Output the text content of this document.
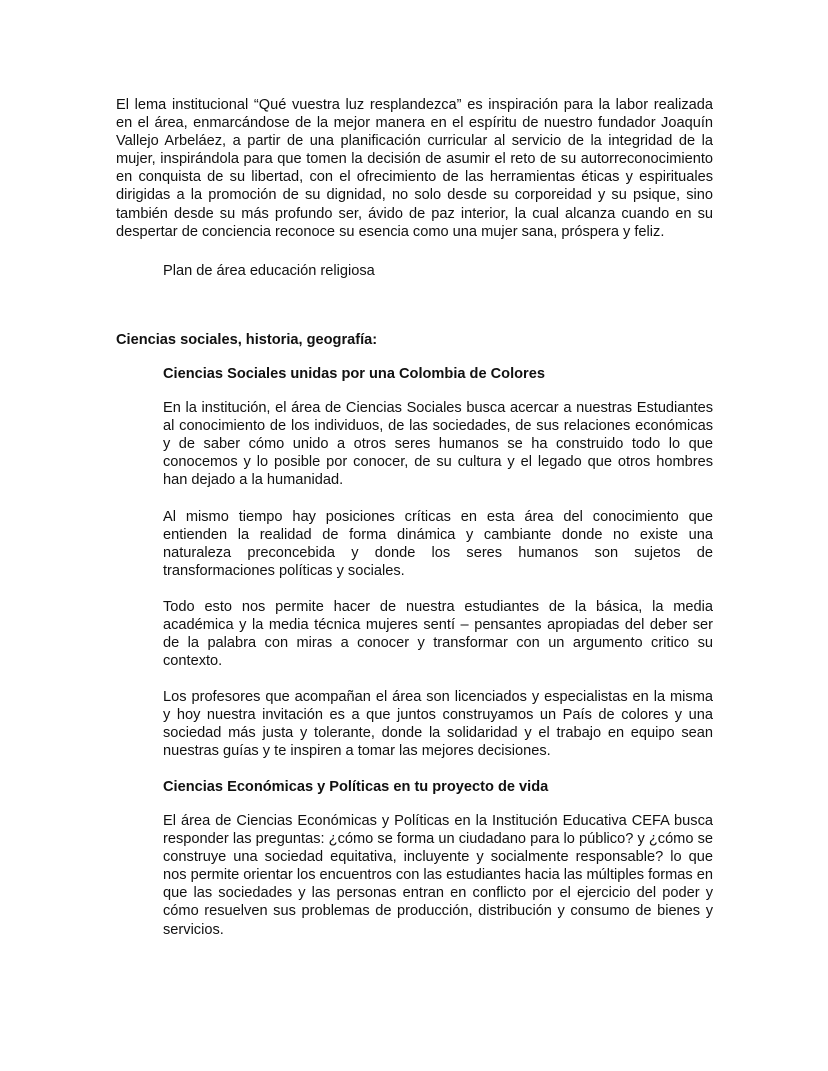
El lema institucional “Qué vuestra luz resplandezca” es inspiración para la labor realizada en el área, enmarcándose de la mejor manera en el espíritu de nuestro fundador Joaquín Vallejo Arbeláez, a partir de una planificación curricular al servicio de la integridad de la mujer, inspirándola para que tomen la decisión de asumir el reto de su autorreconocimiento en conquista de su libertad, con el ofrecimiento de las herramientas éticas y espirituales dirigidas a la promoción de su dignidad, no solo desde su corporeidad y su psique, sino también desde su más profundo ser, ávido de paz interior, la cual alcanza cuando en su despertar de conciencia reconoce su esencia como una mujer sana, próspera y feliz.

Plan de área educación religiosa

Ciencias sociales, historia, geografía:

Ciencias Sociales unidas por una Colombia de Colores

En la institución, el área de Ciencias Sociales busca acercar a nuestras Estudiantes al conocimiento de los individuos, de las sociedades, de sus relaciones económicas y de saber cómo unido a otros seres humanos se ha construido todo lo que conocemos y lo posible por conocer, de su cultura y el legado que otros hombres han dejado a la humanidad.

Al mismo tiempo hay posiciones críticas en esta área del conocimiento que entienden la realidad de forma dinámica y cambiante donde no existe una naturaleza preconcebida y donde los seres humanos son sujetos de transformaciones políticas y sociales.

Todo esto nos permite hacer de nuestra estudiantes de la básica, la media académica y la media técnica mujeres sentí – pensantes apropiadas del deber ser de la palabra con miras a conocer y transformar con un argumento critico su contexto.

Los profesores que acompañan el área son licenciados y especialistas en la misma y hoy nuestra invitación es a que juntos construyamos un País de colores y una sociedad más justa y tolerante, donde la solidaridad y el trabajo en equipo sean nuestras guías y te inspiren a tomar las mejores decisiones.

Ciencias Económicas y Políticas en tu proyecto de vida

El área de Ciencias Económicas y Políticas en la Institución Educativa CEFA busca responder las preguntas: ¿cómo se forma un ciudadano para lo público? y ¿cómo se construye una sociedad equitativa, incluyente y socialmente responsable? lo que nos permite orientar los encuentros con las estudiantes hacia las múltiples formas en que las sociedades y las personas entran en conflicto por el ejercicio del poder y cómo resuelven sus problemas de producción, distribución y consumo de bienes y servicios.
